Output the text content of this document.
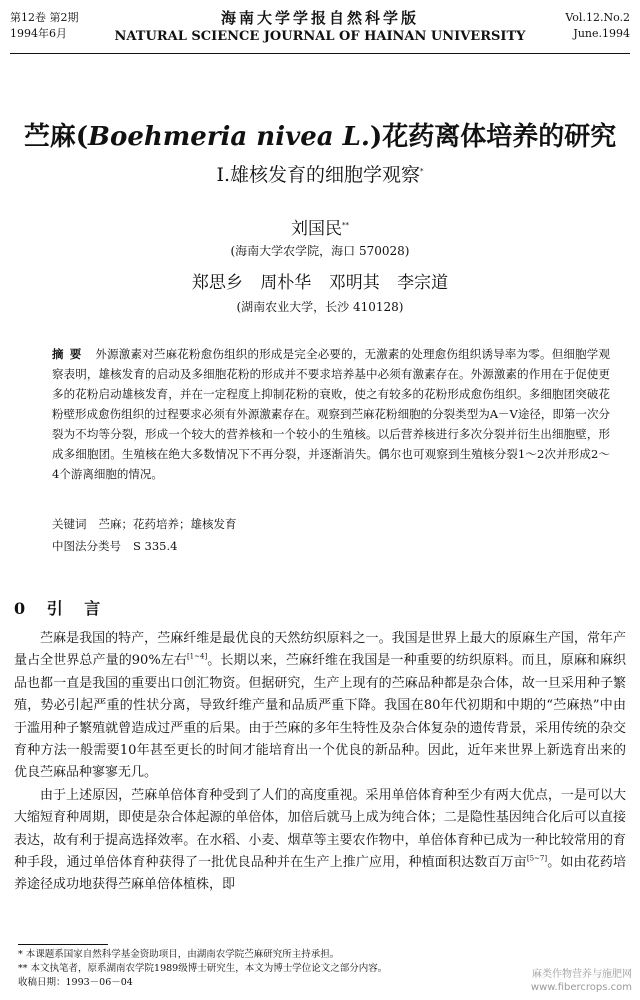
第12卷 第2期
1994年6月
海南大学学报自然科学版
NATURAL SCIENCE JOURNAL OF HAINAN UNIVERSITY
Vol.12.No.2
June.1994
苎麻(Boehmeria nivea L.)花药离体培养的研究
Ⅰ.雄核发育的细胞学观察*
刘国民**
(海南大学农学院，海口 570028)
郑思乡 周朴华 邓明其 李宗道
(湖南农业大学，长沙 410128)
摘要 外源激素对苎麻花粉愈伤组织的形成是完全必要的，无激素的处理愈伤组织诱导率为零。但细胞学观察表明，雄核发育的启动及多细胞花粉的形成并不要求培养基中必须有激素存在。外源激素的作用在于促使更多的花粉启动雄核发育，并在一定程度上抑制花粉的衰败，使之有较多的花粉形成愈伤组织。多细胞团突破花粉壁形成愈伤组织的过程要求必须有外源激素存在。观察到苎麻花粉细胞的分裂类型为A－V途径，即第一次分裂为不均等分裂，形成一个较大的营养核和一个较小的生殖核。以后营养核进行多次分裂并衍生出细胞壁，形成多细胞团。生殖核在绝大多数情况下不再分裂，并逐渐消失。偶尔也可观察到生殖核分裂1～2次并形成2～4个游离细胞的情况。
关键词 苎麻；花药培养；雄核发育
中图法分类号 S 335.4
0 引 言

苎麻是我国的特产，苎麻纤维是最优良的天然纺织原料之一。我国是世界上最大的原麻生产国，常年产量占全世界总产量的90%左右[1~4]。长期以来，苎麻纤维在我国是一种重要的纺织原料。而且，原麻和麻织品也都一直是我国的重要出口创汇物资。但据研究，生产上现有的苎麻品种都是杂合体，故一旦采用种子繁殖，势必引起严重的性状分离，导致纤维产量和品质严重下降。我国在80年代初期和中期的“苎麻热”中由于滥用种子繁殖就曾造成过严重的后果。由于苎麻的多年生特性及杂合体复杂的遗传背景，采用传统的杂交育种方法一般需要10年甚至更长的时间才能培育出一个优良的新品种。因此，近年来世界上新选育出来的优良苎麻品种寥寥无几。

由于上述原因，苎麻单倍体育种受到了人们的高度重视。采用单倍体育种至少有两大优点，一是可以大大缩短育种周期，即使是杂合体起源的单倍体，加倍后就马上成为纯合体；二是隐性基因纯合化后可以直接表达，故有利于提高选择效率。在水稻、小麦、烟草等主要农作物中，单倍体育种已成为一种比较常用的育种手段，通过单倍体育种获得了一批优良品种并在生产上推广应用，种植面积达数百万亩[5~7]。如由花药培养途径成功地获得苎麻单倍体植株，即

* 本课题系国家自然科学基金资助项目，由湖南农学院苎麻研究所主持承担。
** 本文执笔者，原系湖南农学院1989级博士研究生，本文为博士学位论文之部分内容。
收稿日期：1993－06－04
麻类作物营养与施肥网
www.fibercrops.com
